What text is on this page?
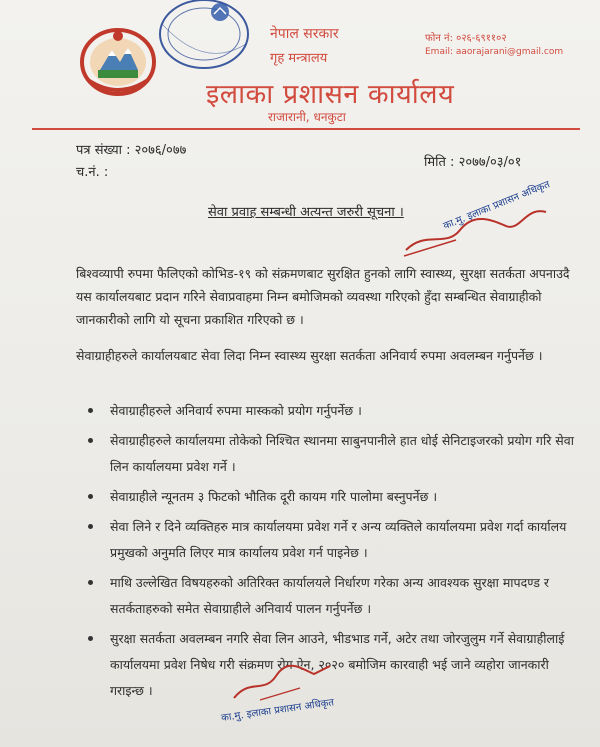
नेपाल सरकार
गृह मन्त्रालय
फोन नं: ०२६-६९११०२
Email: aaorajarani@gmail.com
इलाका प्रशासन कार्यालय
राजारानी, धनकुटा
पत्र संख्या : २०७६/०७७
च.नं. :
मिति : २०७७/०३/०१
सेवा प्रवाह सम्बन्धी अत्यन्त जरुरी सूचना ।	का.मु. इलाका प्रशासन अधिकृत
बिश्वव्यापी रुपमा फैलिएको कोभिड-१९ को संक्रमणबाट सुरक्षित हुनको लागि स्वास्थ्य, सुरक्षा सतर्कता अपनाउदै यस कार्यालयबाट प्रदान गरिने सेवाप्रवाहमा निम्न बमोजिमको व्यवस्था गरिएको हुँदा सम्बन्धित सेवाग्राहीको जानकारीको लागि यो सूचना प्रकाशित गरिएको छ ।
सेवाग्राहीहरुले कार्यालयबाट सेवा लिदा निम्न स्वास्थ्य सुरक्षा सतर्कता अनिवार्य रुपमा अवलम्बन गर्नुपर्नेछ ।
सेवाग्राहीहरुले अनिवार्य रुपमा मास्कको प्रयोग गर्नुपर्नेछ ।
सेवाग्राहीहरुले कार्यालयमा तोकेको निश्चित स्थानमा साबुनपानीले हात धोई सेनिटाइजरको प्रयोग गरि सेवा लिन कार्यालयमा प्रवेश गर्ने ।
सेवाग्राहीले न्यूनतम ३ फिटको भौतिक दूरी कायम गरि पालोमा बस्नुपर्नेछ ।
सेवा लिने र दिने व्यक्तिहरु मात्र कार्यालयमा प्रवेश गर्ने र अन्य व्यक्तिले कार्यालयमा प्रवेश गर्दा कार्यालय प्रमुखको अनुमति लिएर मात्र कार्यालय प्रवेश गर्न पाइनेछ ।
माथि उल्लेखित विषयहरुको अतिरिक्त कार्यालयले निर्धारण गरेका अन्य आवश्यक सुरक्षा मापदण्ड र सतर्कताहरुको समेत सेवाग्राहीले अनिवार्य पालन गर्नुपर्नेछ ।
सुरक्षा सतर्कता अवलम्बन नगरि सेवा लिन आउने, भीडभाड गर्ने, अटेर तथा जोरजुलुम गर्ने सेवाग्राहीलाई कार्यालयमा प्रवेश निषेध गरी संक्रमण रोग ऐन, २०२० बमोजिम कारवाही भई जाने व्यहोरा जानकारी गराइन्छ ।
का.मु. इलाका प्रशासन अधिकृत
